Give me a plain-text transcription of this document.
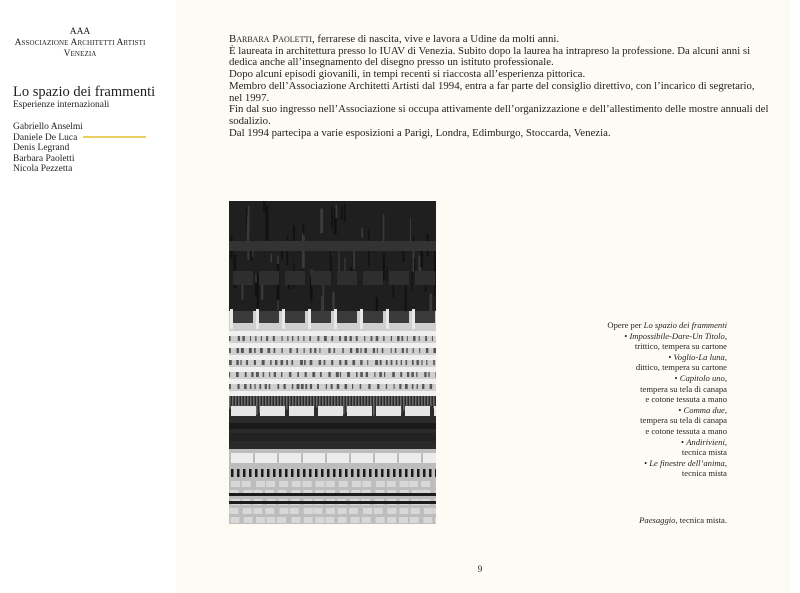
AAA
Associazione Architetti Artisti
Venezia
Lo spazio dei frammenti
Esperienze internazionali
Gabriello Anselmi
Daniele De Luca
Denis Legrand
Barbara Paoletti
Nicola Pezzetta

Barbara Paoletti, ferrarese di nascita, vive e lavora a Udine da molti anni.

È laureata in architettura presso lo IUAV di Venezia. Subito dopo la laurea ha intrapreso la professione. Da alcuni anni si dedica anche all’insegnamento del disegno presso un istituto professionale.

Dopo alcuni episodi giovanili, in tempi recenti si riaccosta all’esperienza pittorica.

Membro dell’Associazione Architetti Artisti dal 1994, entra a far parte del consiglio direttivo, con l’incarico di segretario, nel 1997.

Fin dal suo ingresso nell’Associazione si occupa attivamente dell’organizzazione e dell’allestimento delle mostre annuali del sodalizio.

Dal 1994 partecipa a varie esposizioni a Parigi, Londra, Edimburgo, Stoccarda, Venezia.

Opere per Lo spazio dei frammenti
• Impossibile-Dare-Un Titolo,
trittico, tempera su cartone
• Voglio-La luna,
dittico, tempera su cartone
• Capitolo uno,
tempera su tela di canapa
e cotone tessuta a mano
• Comma due,
tempera su tela di canapa
e cotone tessuta a mano
• Andirivieni,
tecnica mista
• Le finestre dell’anima,
tecnica mista
Paesaggio, tecnica mista.
9
